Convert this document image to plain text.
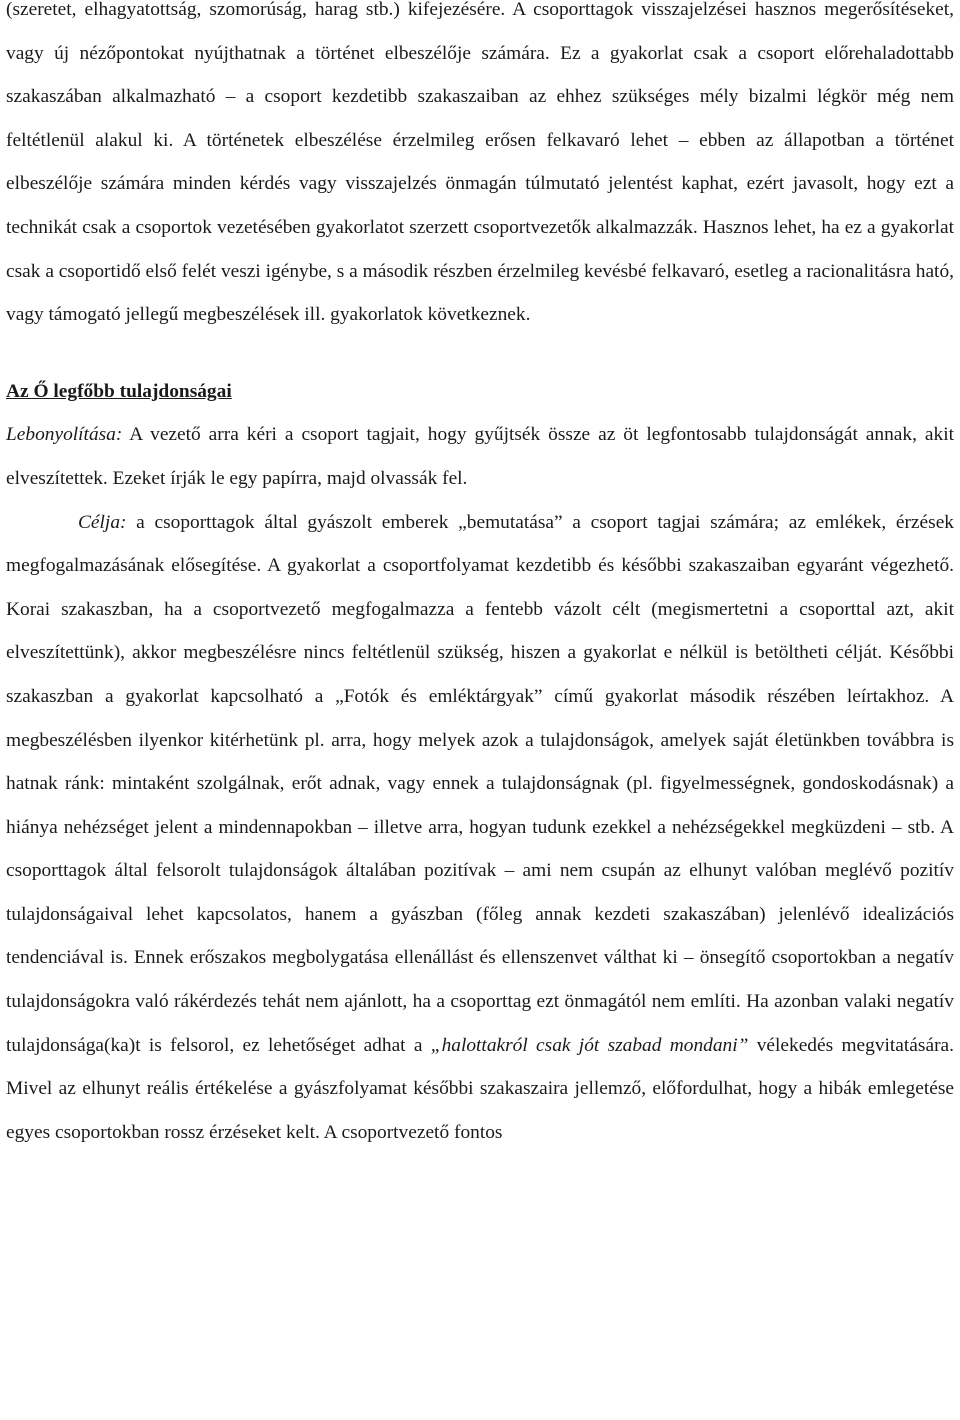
(szeretet, elhagyatottság, szomorúság, harag stb.) kifejezésére. A csoporttagok visszajelzései hasznos megerősítéseket, vagy új nézőpontokat nyújthatnak a történet elbeszélője számára. Ez a gyakorlat csak a csoport előrehaladottabb szakaszában alkalmazható – a csoport kezdetibb szakaszaiban az ehhez szükséges mély bizalmi légkör még nem feltétlenül alakul ki. A történetek elbeszélése érzelmileg erősen felkavaró lehet – ebben az állapotban a történet elbeszélője számára minden kérdés vagy visszajelzés önmagán túlmutató jelentést kaphat, ezért javasolt, hogy ezt a technikát csak a csoportok vezetésében gyakorlatot szerzett csoportvezetők alkalmazzák. Hasznos lehet, ha ez a gyakorlat csak a csoportidő első felét veszi igénybe, s a második részben érzelmileg kevésbé felkavaró, esetleg a racionalitásra ható, vagy támogató jellegű megbeszélések ill. gyakorlatok következnek.

Az Ő legfőbb tulajdonságai

Lebonyolítása: A vezető arra kéri a csoport tagjait, hogy gyűjtsék össze az öt legfontosabb tulajdonságát annak, akit elveszítettek. Ezeket írják le egy papírra, majd olvassák fel.

Célja: a csoporttagok által gyászolt emberek „bemutatása” a csoport tagjai számára; az emlékek, érzések megfogalmazásának elősegítése. A gyakorlat a csoportfolyamat kezdetibb és későbbi szakaszaiban egyaránt végezhető. Korai szakaszban, ha a csoportvezető megfogalmazza a fentebb vázolt célt (megismertetni a csoporttal azt, akit elveszítettünk), akkor megbeszélésre nincs feltétlenül szükség, hiszen a gyakorlat e nélkül is betöltheti célját. Későbbi szakaszban a gyakorlat kapcsolható a „Fotók és emléktárgyak” című gyakorlat második részében leírtakhoz. A megbeszélésben ilyenkor kitérhetünk pl. arra, hogy melyek azok a tulajdonságok, amelyek saját életünkben továbbra is hatnak ránk: mintaként szolgálnak, erőt adnak, vagy ennek a tulajdonságnak (pl. figyelmességnek, gondoskodásnak) a hiánya nehézséget jelent a mindennapokban – illetve arra, hogyan tudunk ezekkel a nehézségekkel megküzdeni – stb. A csoporttagok által felsorolt tulajdonságok általában pozitívak – ami nem csupán az elhunyt valóban meglévő pozitív tulajdonságaival lehet kapcsolatos, hanem a gyászban (főleg annak kezdeti szakaszában) jelenlévő idealizációs tendenciával is. Ennek erőszakos megbolygatása ellenállást és ellenszenvet válthat ki – önsegítő csoportokban a negatív tulajdonságokra való rákérdezés tehát nem ajánlott, ha a csoporttag ezt önmagától nem említi. Ha azonban valaki negatív tulajdonsága(ka)t is felsorol, ez lehetőséget adhat a „halottakról csak jót szabad mondani” vélekedés megvitatására. Mivel az elhunyt reális értékelése a gyászfolyamat későbbi szakaszaira jellemző, előfordulhat, hogy a hibák emlegetése egyes csoportokban rossz érzéseket kelt. A csoportvezető fontos
